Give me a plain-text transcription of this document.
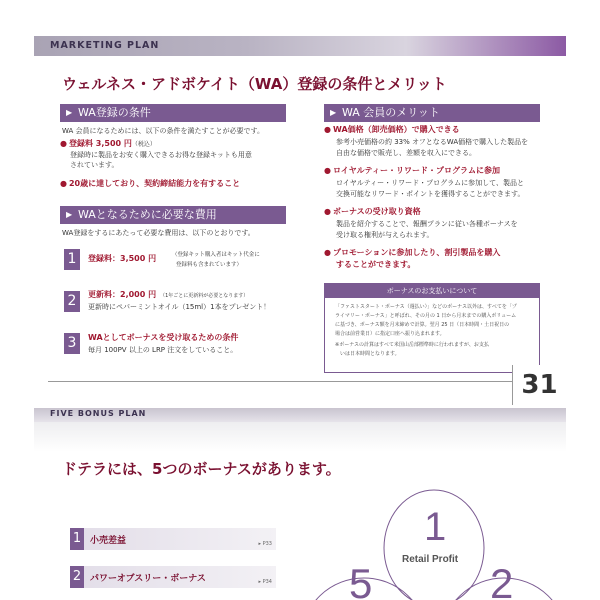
MARKETING PLAN
ウェルネス・アドボケイト（WA）登録の条件とメリット
▶ WA登録の条件
WA 会員になるためには、以下の条件を満たすことが必要です。
● 登録料 3,500 円（税込）
登録時に製品をお安く購入できるお得な登録キットも用意
されています。
● 20歳に達しており、契約締結能力を有すること
▶ WAとなるために必要な費用
WA登録をするにあたって必要な費用は、以下のとおりです。
1	登録料：3,500 円	（登録キット購入者はキット代金に
登録料も含まれています）
2	更新料：2,000 円 （1年ごとに更新料が必要となります）
更新時にペパーミントオイル（15ml）1本をプレゼント！
3	WAとしてボーナスを受け取るための条件
毎月 100PV 以上の LRP 注文をしていること。
▶ WA 会員のメリット
● WA価格（卸売価格）で購入できる
参考小売価格の約 33% オフとなるWA価格で購入した製品を
自由な価格で販売し、差額を収入にできる。
● ロイヤルティー・リワード・プログラムに参加
ロイヤルティー・リワード・プログラムに参加して、製品と
交換可能なリワード・ポイントを獲得することができます。
● ボーナスの受け取り資格
製品を紹介することで、報酬プランに従い各種ボーナスを
受け取る権利が与えられます。
● プロモーションに参加したり、割引製品を購入
することができます。
ボーナスのお支払いについて
「ファストスタート・ボーナス（週払い）」などのボーナス以外は、すべてを「プ
ライマリー・ボーナス」と呼ばれ、その月の 1 日から月末までの購入ボリューム
に基づき、ボーナス額を月末締めで計算。翌月 25 日（日本時間・土日祝日の
場合は前営業日）に指定口座へ振り込まれます。
※ボーナスの計算はすべて米国山岳部標準時に行われますが、お支払
　いは日本時間となります。
31
FIVE BONUS PLAN
ドテラには、5つのボーナスがあります。
1 小売差益	▸ P33
2 パワーオブスリー・ボーナス	▸ P34
1
Retail Profit
2
5
